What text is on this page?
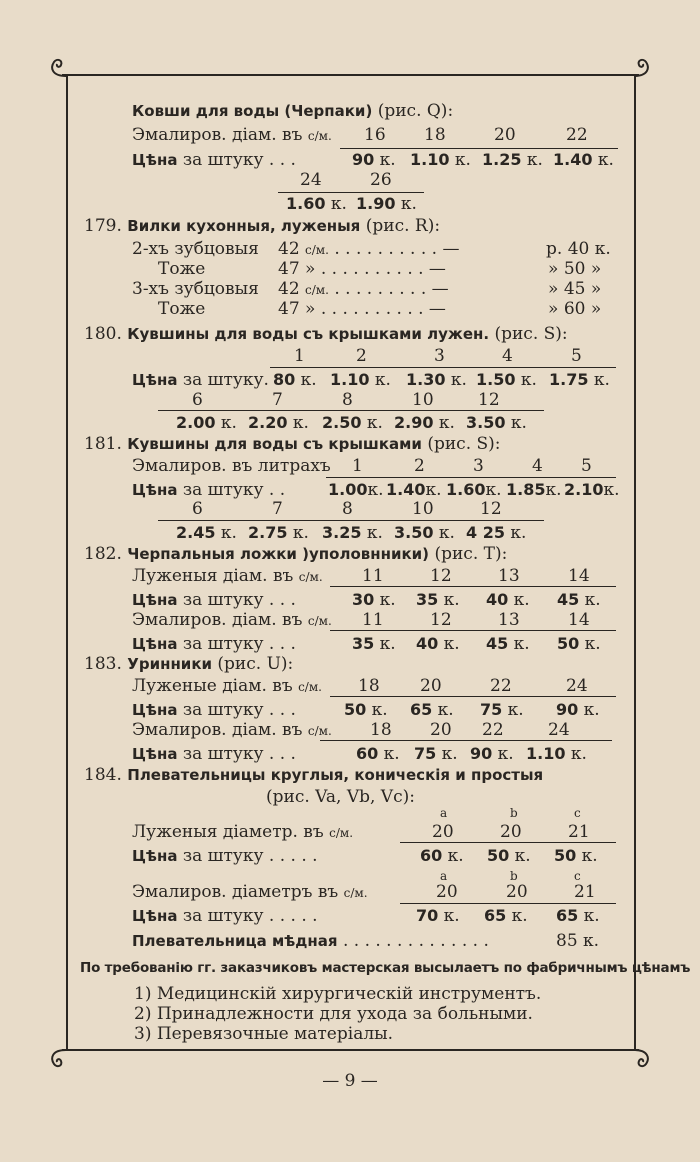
Ковши для воды (Черпаки) (рис. Q):
Эмалиров. діам. въ с/м. 16 18	20	22
Цѣна за штуку . . .	90 к. 1.10 к. 1.25 к. 1.40 к.
24	26
1.60 к. 1.90 к.
179. Вилки кухонныя, луженыя (рис. R):
2-хъ зубцовыя 42 с/м. . . . . . . . . . . —	р. 40 к.
Тоже	47 » . . . . . . . . . . —	» 50 »
3-хъ зубцовыя 42 с/м. . . . . . . . . . —	» 45 »
Тоже	47 » . . . . . . . . . . —	» 60 »
180. Кувшины для воды съ крышками лужен. (рис. S):
1	2	3	4	5
Цѣна за штуку. 80 к. 1.10 к. 1.30 к. 1.50 к. 1.75 к.
6	7	8	10	12
2.00 к. 2.20 к. 2.50 к. 2.90 к. 3.50 к.
181. Кувшины для воды съ крышками (рис. S):
Эмалиров. въ литрахъ 1	2	3	4 5
Цѣна за штуку . .	1.00к. 1.40к. 1.60к. 1.85к. 2.10к.
6	7	8	10	12
2.45 к. 2.75 к. 3.25 к. 3.50 к. 4 25 к.
182. Черпальныя ложки )уполовнники) (рис. Т):
Луженыя діам. въ с/м. 11	12	13	14
Цѣна за штуку . . .	30 к. 35 к. 40 к. 45 к.
Эмалиров. діам. въ с/м. 11	12	13	14
Цѣна за штуку . . .	35 к. 40 к. 45 к. 50 к.
183. Уринники (рис. U):
Луженые діам. въ с/м. 18 20	22	24
Цѣна за штуку . . .	50 к. 65 к. 75 к. 90 к.
Эмалиров. діам. въ с/м. 18 20 22	24
Цѣна за штуку . . .	60 к. 75 к. 90 к. 1.10 к.
184. Плевательницы круглыя, коническія и простыя
(рис. Va, Vb, Vc):
a	b	c
Луженыя діаметр. въ с/м.	20	20	21
Цѣна за штуку . . . . .	60 к. 50 к. 50 к.
a	b	c
Эмалиров. діаметръ въ с/м.	20	20	21
Цѣна за штуку . . . . .	70 к. 65 к. 65 к.
Плевательница мѣдная . . . . . . . . . . . . . .	85 к.
По требованію гг. заказчиковъ мастерская высылаетъ по фабричнымъ цѣнамъ
1) Медицинскій хирургическій инструментъ.
2) Принадлежности для ухода за больными.
3) Перевязочные матеріалы.
— 9 —
